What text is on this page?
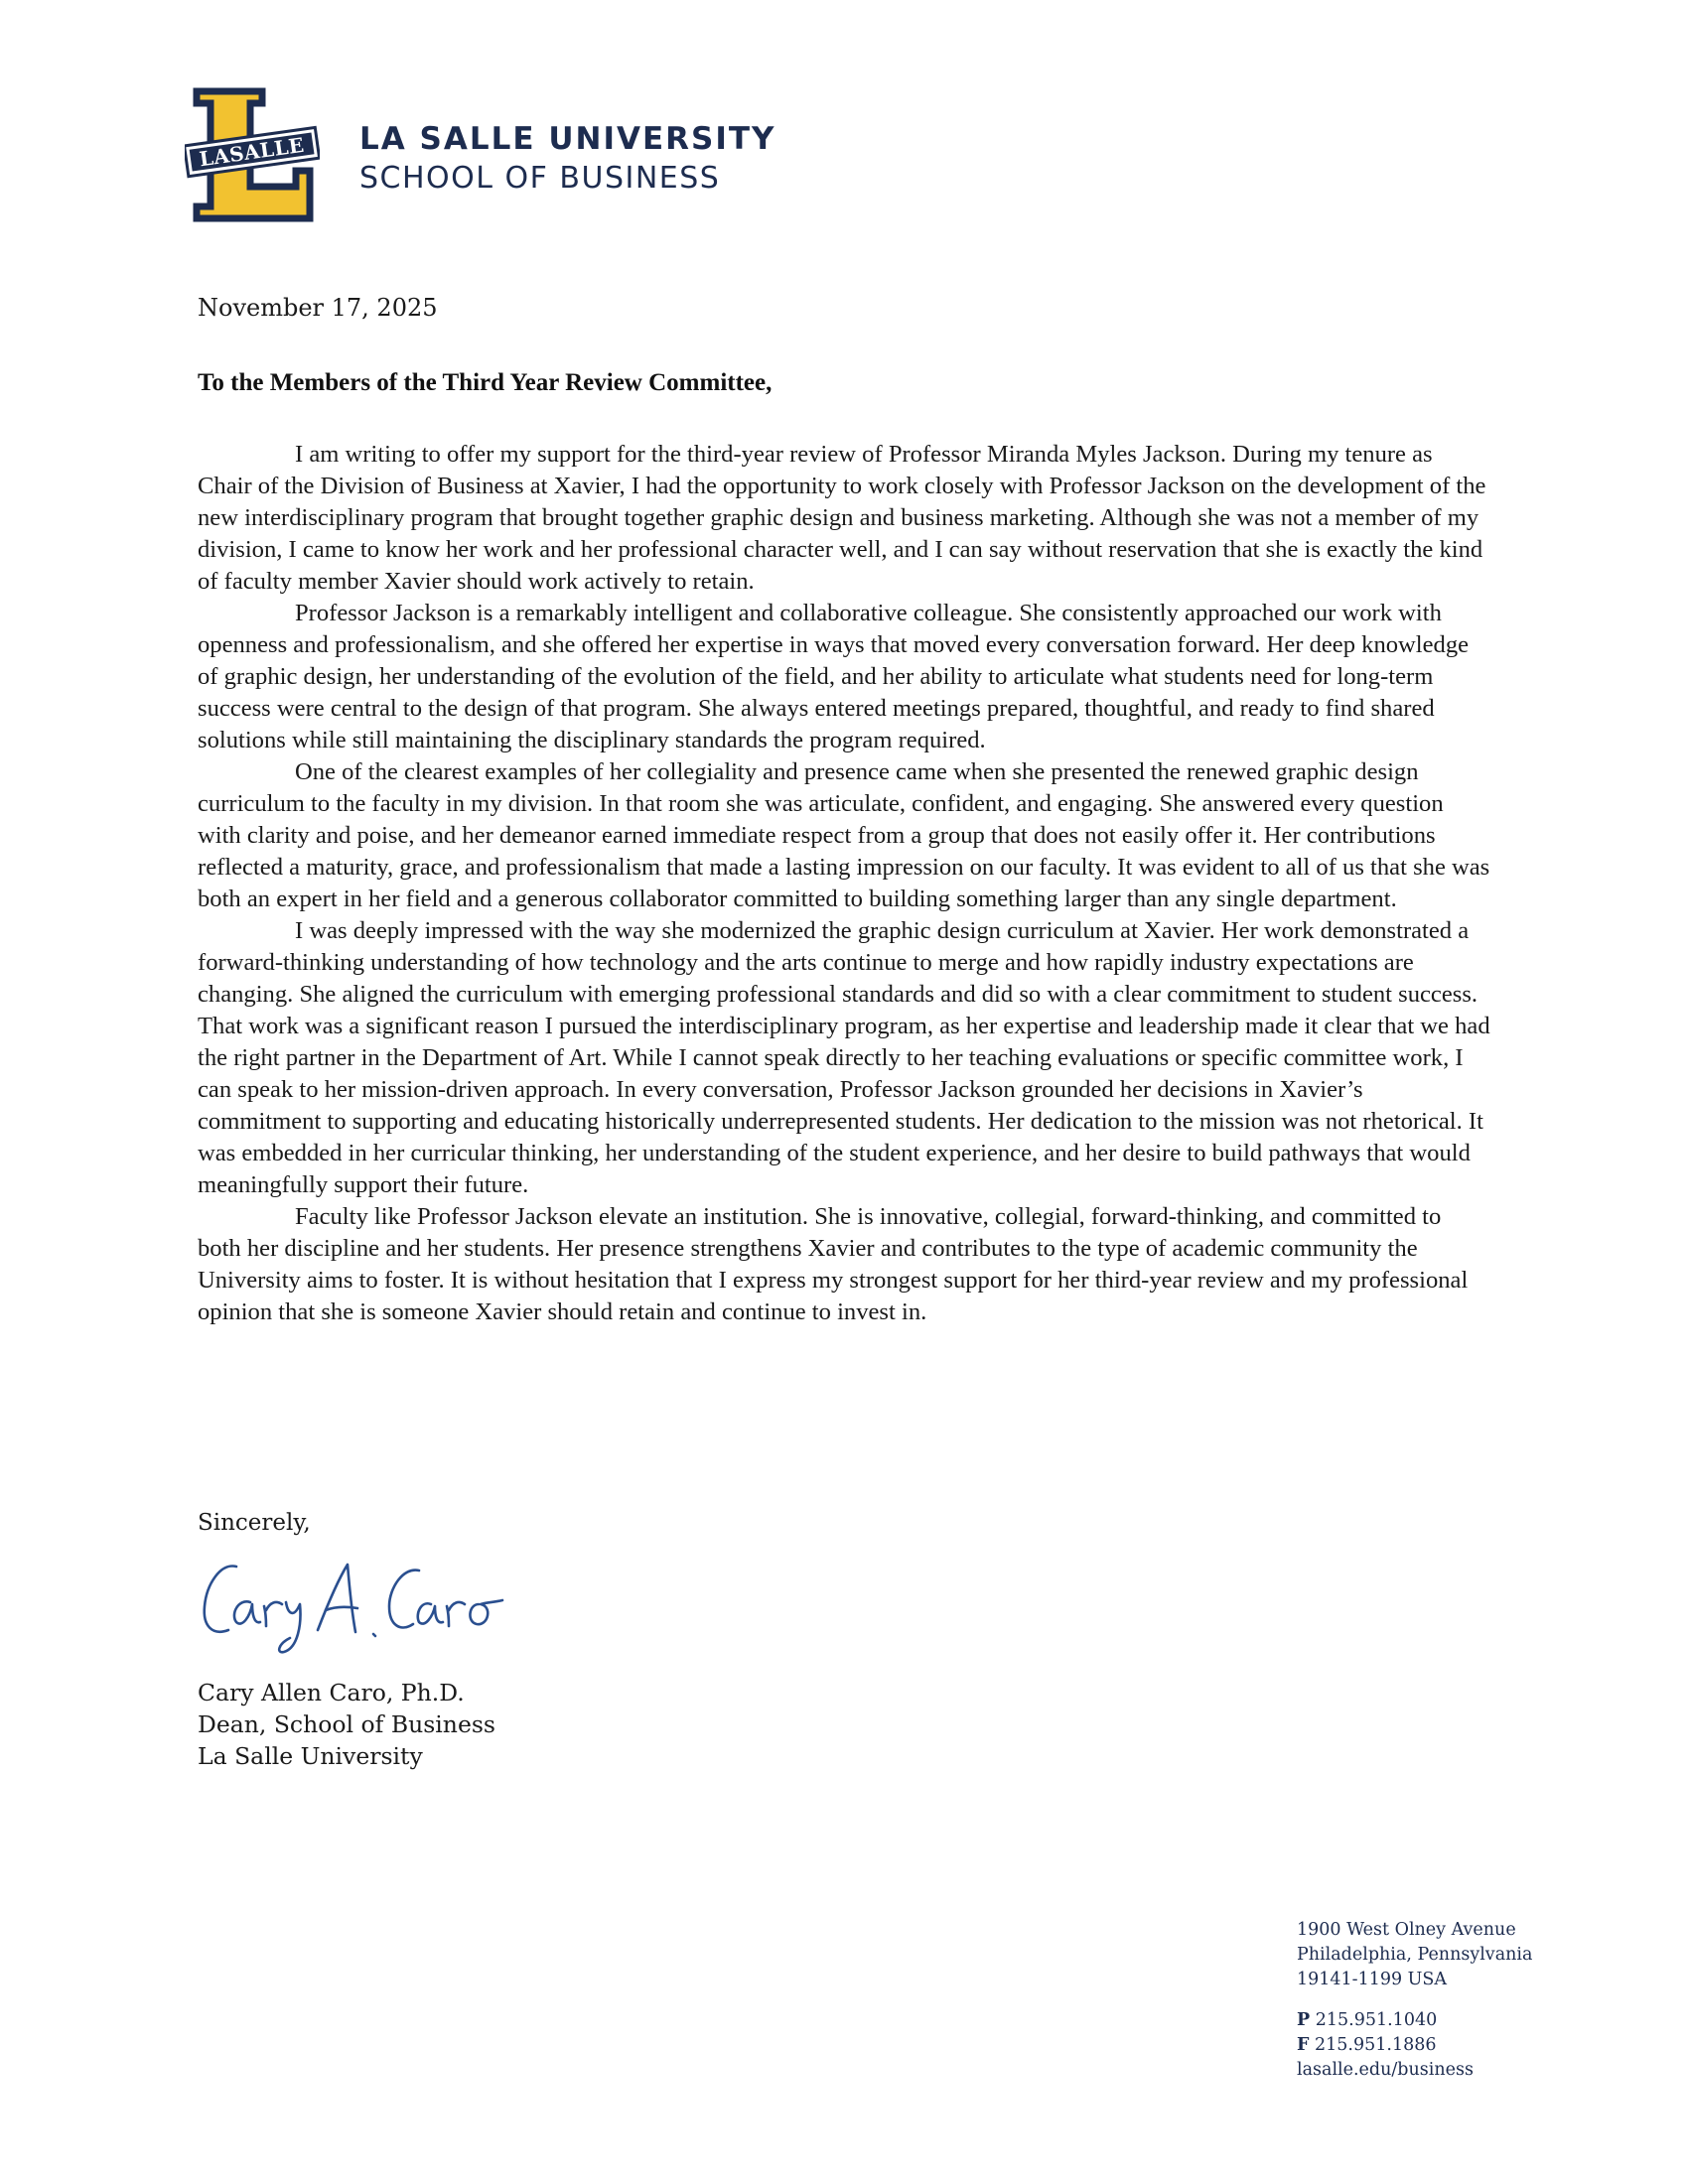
LASALLE LA SALLE UNIVERSITY
SCHOOL OF BUSINESS
November 17, 2025
To the Members of the Third Year Review Committee,

I am writing to offer my support for the third-year review of Professor Miranda Myles Jackson. During my tenure as Chair of the Division of Business at Xavier, I had the opportunity to work closely with Professor Jackson on the development of the new interdisciplinary program that brought together graphic design and business marketing. Although she was not a member of my division, I came to know her work and her professional character well, and I can say without reservation that she is exactly the kind of faculty member Xavier should work actively to retain.

Professor Jackson is a remarkably intelligent and collaborative colleague. She consistently approached our work with openness and professionalism, and she offered her expertise in ways that moved every conversation forward. Her deep knowledge of graphic design, her understanding of the evolution of the field, and her ability to articulate what students need for long-term success were central to the design of that program. She always entered meetings prepared, thoughtful, and ready to find shared solutions while still maintaining the disciplinary standards the program required.

One of the clearest examples of her collegiality and presence came when she presented the renewed graphic design curriculum to the faculty in my division. In that room she was articulate, confident, and engaging. She answered every question with clarity and poise, and her demeanor earned immediate respect from a group that does not easily offer it. Her contributions reflected a maturity, grace, and professionalism that made a lasting impression on our faculty. It was evident to all of us that she was both an expert in her field and a generous collaborator committed to building something larger than any single department.

I was deeply impressed with the way she modernized the graphic design curriculum at Xavier. Her work demonstrated a forward-thinking understanding of how technology and the arts continue to merge and how rapidly industry expectations are changing. She aligned the curriculum with emerging professional standards and did so with a clear commitment to student success. That work was a significant reason I pursued the interdisciplinary program, as her expertise and leadership made it clear that we had the right partner in the Department of Art. While I cannot speak directly to her teaching evaluations or specific committee work, I can speak to her mission-driven approach. In every conversation, Professor Jackson grounded her decisions in Xavier’s commitment to supporting and educating historically underrepresented students. Her dedication to the mission was not rhetorical. It was embedded in her curricular thinking, her understanding of the student experience, and her desire to build pathways that would meaningfully support their future.

Faculty like Professor Jackson elevate an institution. She is innovative, collegial, forward-thinking, and committed to both her discipline and her students. Her presence strengthens Xavier and contributes to the type of academic community the University aims to foster. It is without hesitation that I express my strongest support for her third-year review and my professional opinion that she is someone Xavier should retain and continue to invest in.

Sincerely,
Cary Allen Caro, Ph.D.
Dean, School of Business
La Salle University
1900 West Olney Avenue
Philadelphia, Pennsylvania
19141-1199 USA
P 215.951.1040
F 215.951.1886
lasalle.edu/business
